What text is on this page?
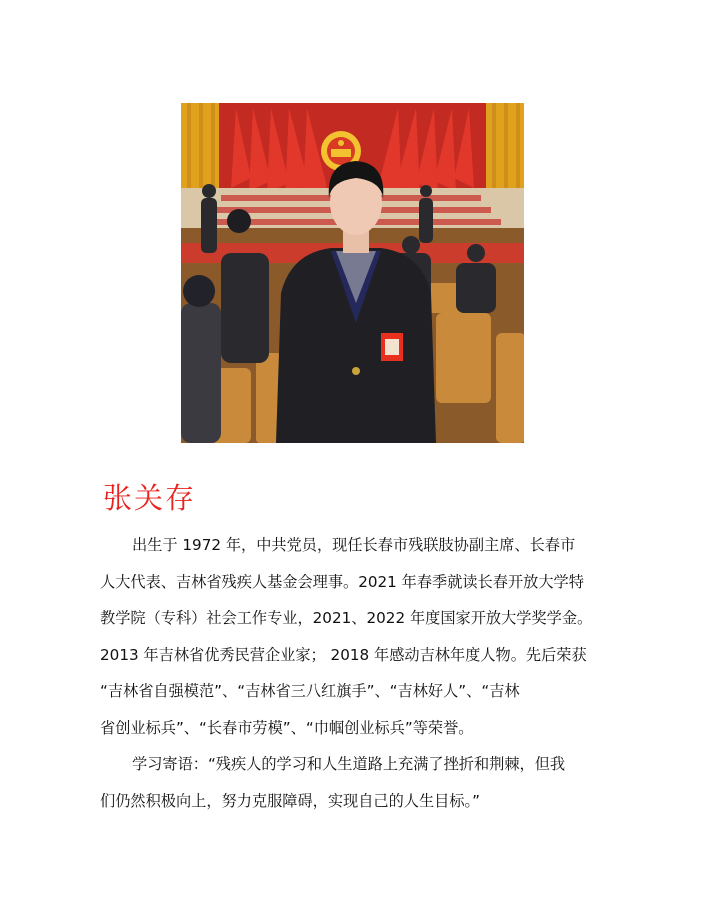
张关存
出生于 1972 年，中共党员，现任长春市残联肢协副主席、长春市
人大代表、吉林省残疾人基金会理事。2021 年春季就读长春开放大学特
教学院（专科）社会工作专业，2021、2022 年度国家开放大学奖学金。
2013 年吉林省优秀民营企业家； 2018 年感动吉林年度人物。先后荣获
“吉林省自强模范”、“吉林省三八红旗手”、“吉林好人”、“吉林
省创业标兵”、“长春市劳模”、“巾帼创业标兵”等荣誉。
学习寄语：“残疾人的学习和人生道路上充满了挫折和荆棘，但我
们仍然积极向上，努力克服障碍，实现自己的人生目标。”
